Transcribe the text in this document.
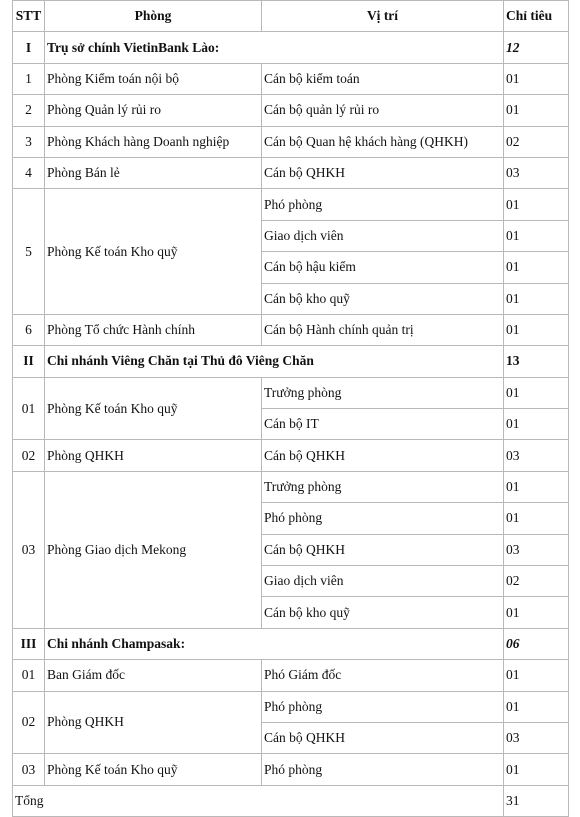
STT	Phòng	Vị trí	Chỉ tiêu
I	Trụ sở chính VietinBank Lào:		12
1	Phòng Kiểm toán nội bộ	Cán bộ kiểm toán	01
2	Phòng Quản lý rủi ro	Cán bộ quản lý rủi ro	01
3	Phòng Khách hàng Doanh nghiệp	Cán bộ Quan hệ khách hàng (QHKH)	02
4	Phòng Bán lẻ	Cán bộ QHKH	03
5	Phòng Kế toán Kho quỹ	Phó phòng	01
		Giao dịch viên	01
		Cán bộ hậu kiểm	01
		Cán bộ kho quỹ	01
6	Phòng Tổ chức Hành chính	Cán bộ Hành chính quản trị	01
II	Chi nhánh Viêng Chăn tại Thủ đô Viêng Chăn		13
01	Phòng Kế toán Kho quỹ	Trưởng phòng	01
		Cán bộ IT	01
02	Phòng QHKH	Cán bộ QHKH	03
03	Phòng Giao dịch Mekong	Trưởng phòng	01
		Phó phòng	01
		Cán bộ QHKH	03
		Giao dịch viên	02
		Cán bộ kho quỹ	01
III	Chi nhánh Champasak:		06
01	Ban Giám đốc	Phó Giám đốc	01
02	Phòng QHKH	Phó phòng	01
		Cán bộ QHKH	03
03	Phòng Kế toán Kho quỹ	Phó phòng	01
Tổng			31
